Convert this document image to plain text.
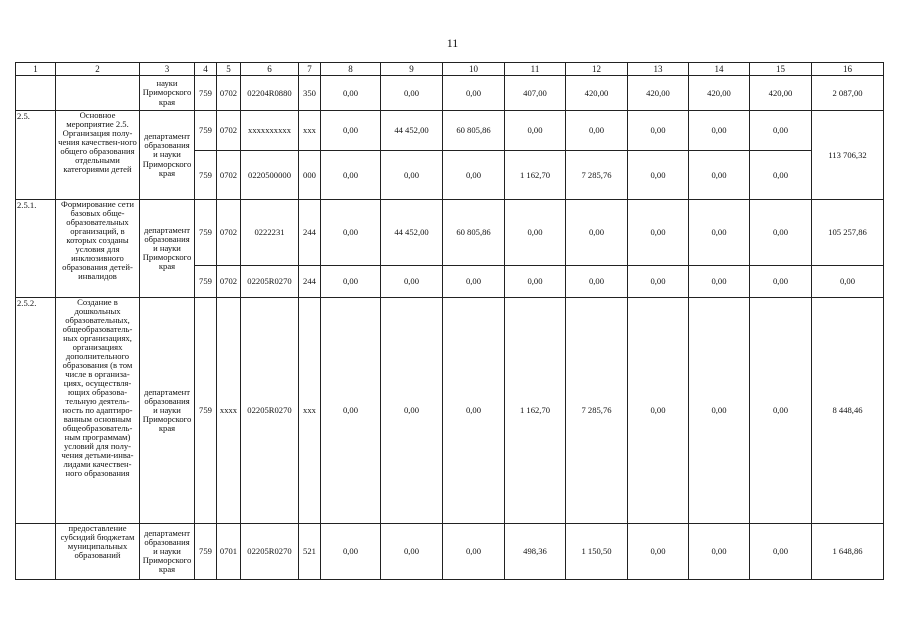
11
1	2	3	4	5	6	7	8	9	10	11	12	13	14	15	16
		науки Приморского края	759	0702	02204R0880	350	0,00	0,00	0,00	407,00	420,00	420,00	420,00	420,00	2 087,00
2.5.	Основное мероприятие 2.5. Организация полу-чения качествен-ного общего образования отдельными категориями детей	департамент образования и науки Приморского края	759	0702	xxxxxxxxxx	xxx	0,00	44 452,00	60 805,86	0,00	0,00	0,00	0,00	0,00	113 706,32
			759	0702	0220500000	000	0,00	0,00	0,00	1 162,70	7 285,76	0,00	0,00	0,00	
2.5.1.	Формирование сети базовых обще-образовательных организаций, в которых созданы условия для инклюзивного образования детей-инвалидов	департамент образования и науки Приморского края	759	0702	0222231	244	0,00	44 452,00	60 805,86	0,00	0,00	0,00	0,00	0,00	105 257,86
			759	0702	02205R0270	244	0,00	0,00	0,00	0,00	0,00	0,00	0,00	0,00	0,00
2.5.2.	Создание в дошкольных образовательных, общеобразователь-ных организациях, организациях дополнительного образования (в том числе в организа-циях, осуществля-ющих образова-тельную деятель-ность по адаптиро-ванным основным общеобразователь-ным программам) условий для полу-чения детьми-инва-лидами качествен-ного образования	департамент образования и науки Приморского края	759	xxxx	02205R0270	xxx	0,00	0,00	0,00	1 162,70	7 285,76	0,00	0,00	0,00	8 448,46
	предоставление субсидий бюджетам муниципальных образований	департамент образования и науки Приморского края	759	0701	02205R0270	521	0,00	0,00	0,00	498,36	1 150,50	0,00	0,00	0,00	1 648,86
